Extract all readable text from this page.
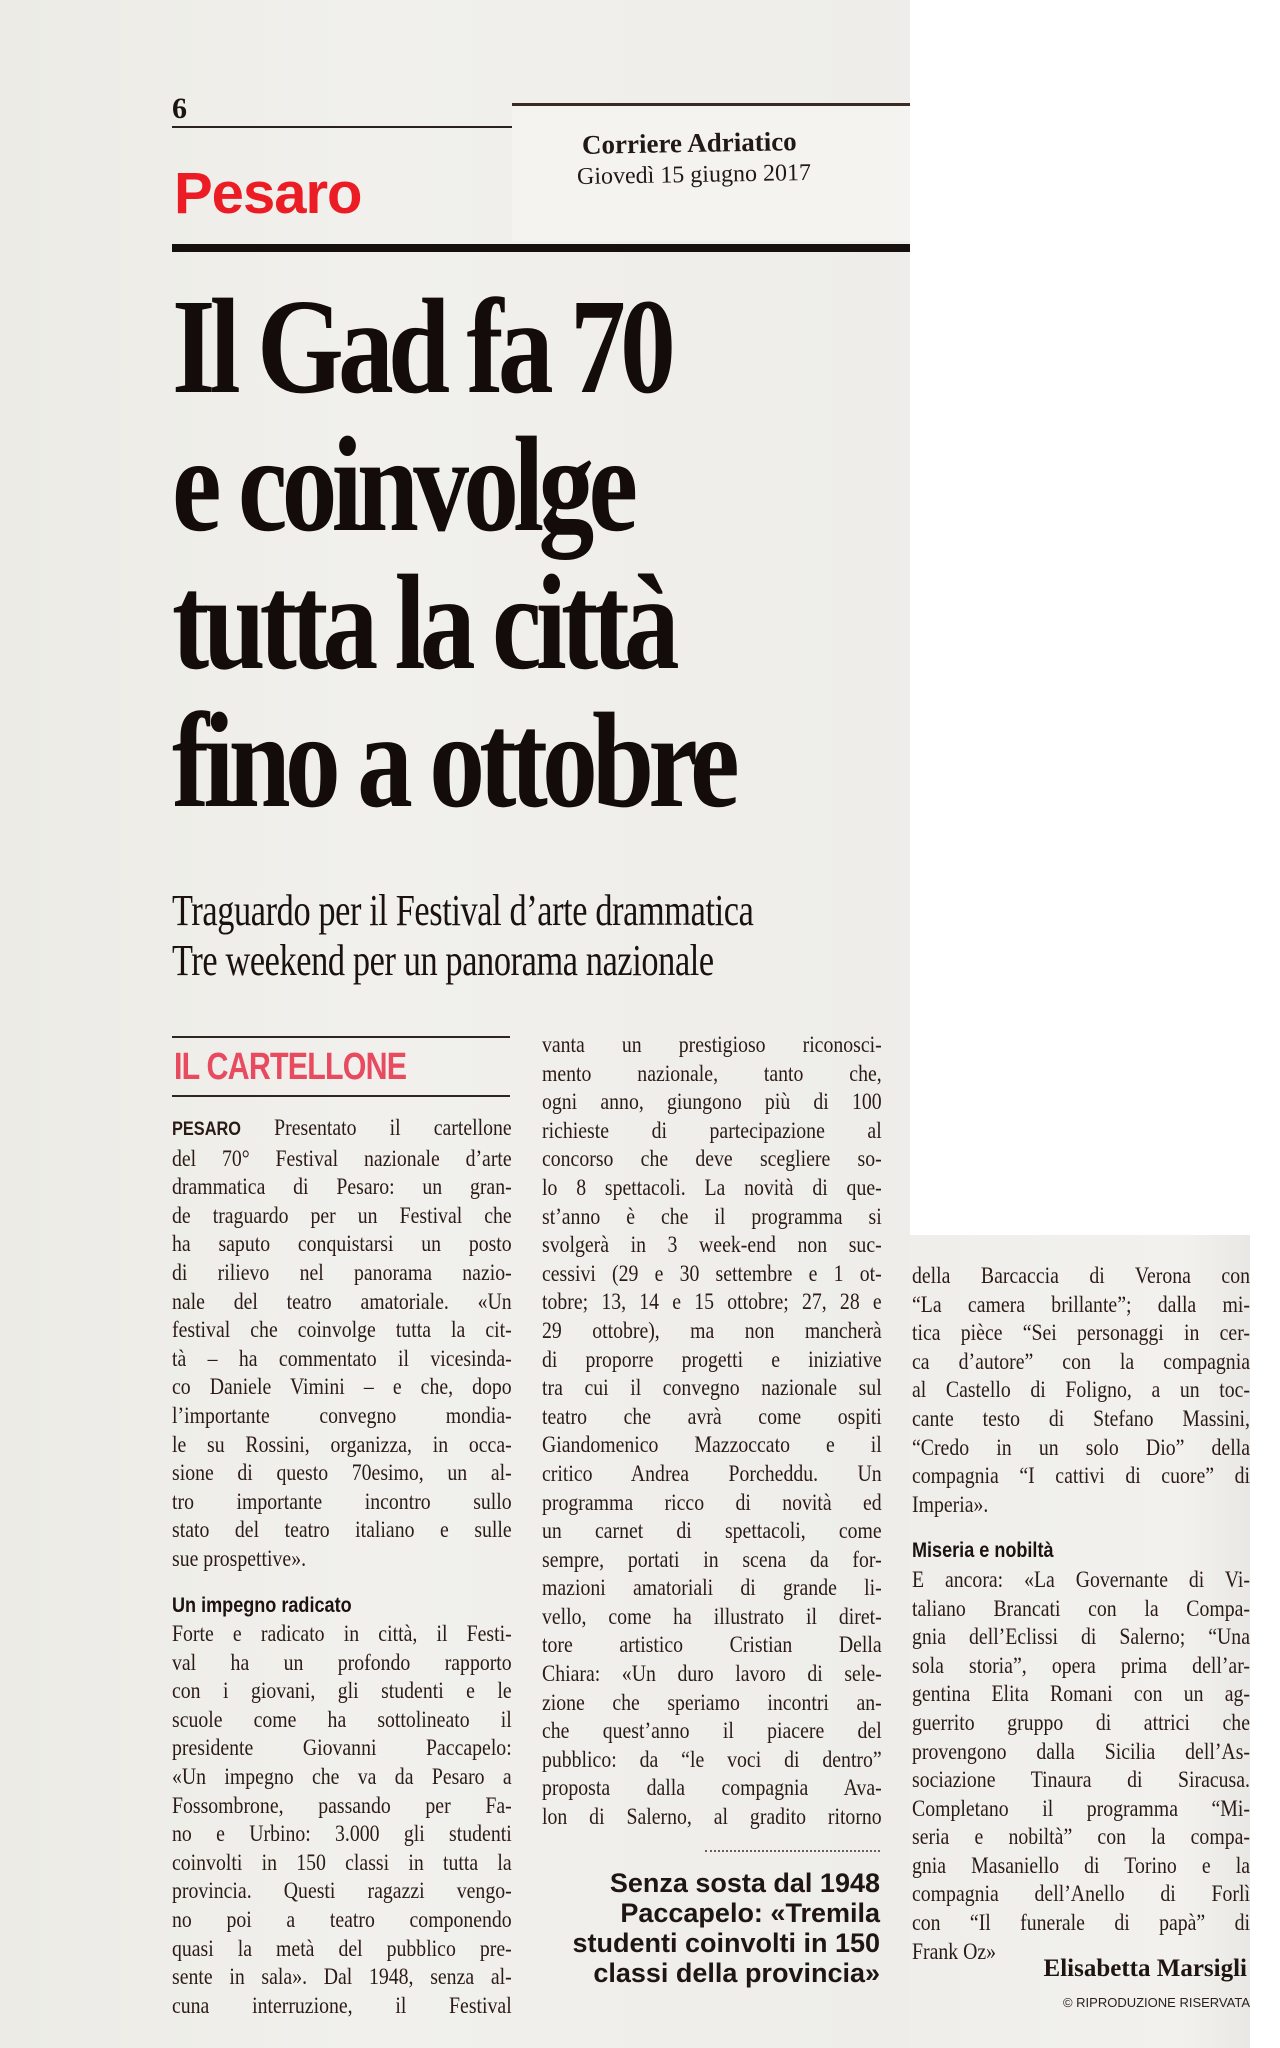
6
Corriere Adriatico
Giovedì 15 giugno 2017
Pesaro
Il Gad fa 70
e coinvolge
tutta la città
fino a ottobre
Traguardo per il Festival d’arte drammatica
Tre weekend per un panorama nazionale
IL CARTELLONE
PESARO Presentato il cartellone
del 70° Festival nazionale d’arte
drammatica di Pesaro: un gran-
de traguardo per un Festival che
ha saputo conquistarsi un posto
di rilievo nel panorama nazio-
nale del teatro amatoriale. «Un
festival che coinvolge tutta la cit-
tà – ha commentato il vicesinda-
co Daniele Vimini – e che, dopo
l’importante convegno mondia-
le su Rossini, organizza, in occa-
sione di questo 70esimo, un al-
tro importante incontro sullo
stato del teatro italiano e sulle
sue prospettive».
Un impegno radicato
Forte e radicato in città, il Festi-
val ha un profondo rapporto
con i giovani, gli studenti e le
scuole come ha sottolineato il
presidente Giovanni Paccapelo:
«Un impegno che va da Pesaro a
Fossombrone, passando per Fa-
no e Urbino: 3.000 gli studenti
coinvolti in 150 classi in tutta la
provincia. Questi ragazzi vengo-
no poi a teatro componendo
quasi la metà del pubblico pre-
sente in sala». Dal 1948, senza al-
cuna interruzione, il Festival
vanta un prestigioso riconosci-
mento nazionale, tanto che,
ogni anno, giungono più di 100
richieste di partecipazione al
concorso che deve scegliere so-
lo 8 spettacoli. La novità di que-
st’anno è che il programma si
svolgerà in 3 week-end non suc-
cessivi (29 e 30 settembre e 1 ot-
tobre; 13, 14 e 15 ottobre; 27, 28 e
29 ottobre), ma non mancherà
di proporre progetti e iniziative
tra cui il convegno nazionale sul
teatro che avrà come ospiti
Giandomenico Mazzoccato e il
critico Andrea Porcheddu. Un
programma ricco di novità ed
un carnet di spettacoli, come
sempre, portati in scena da for-
mazioni amatoriali di grande li-
vello, come ha illustrato il diret-
tore artistico Cristian Della
Chiara: «Un duro lavoro di sele-
zione che speriamo incontri an-
che quest’anno il piacere del
pubblico: da “le voci di dentro”
proposta dalla compagnia Ava-
lon di Salerno, al gradito ritorno
Senza sosta dal 1948
Paccapelo: «Tremila
studenti coinvolti in 150
classi della provincia»
della Barcaccia di Verona con
“La camera brillante”; dalla mi-
tica pièce “Sei personaggi in cer-
ca d’autore” con la compagnia
al Castello di Foligno, a un toc-
cante testo di Stefano Massini,
“Credo in un solo Dio” della
compagnia “I cattivi di cuore” di
Imperia».
Miseria e nobiltà
E ancora: «La Governante di Vi-
taliano Brancati con la Compa-
gnia dell’Eclissi di Salerno; “Una
sola storia”, opera prima dell’ar-
gentina Elita Romani con un ag-
guerrito gruppo di attrici che
provengono dalla Sicilia dell’As-
sociazione Tinaura di Siracusa.
Completano il programma “Mi-
seria e nobiltà” con la compa-
gnia Masaniello di Torino e la
compagnia dell’Anello di Forlì
con “Il funerale di papà” di
Frank Oz»
Elisabetta Marsigli
© RIPRODUZIONE RISERVATA
